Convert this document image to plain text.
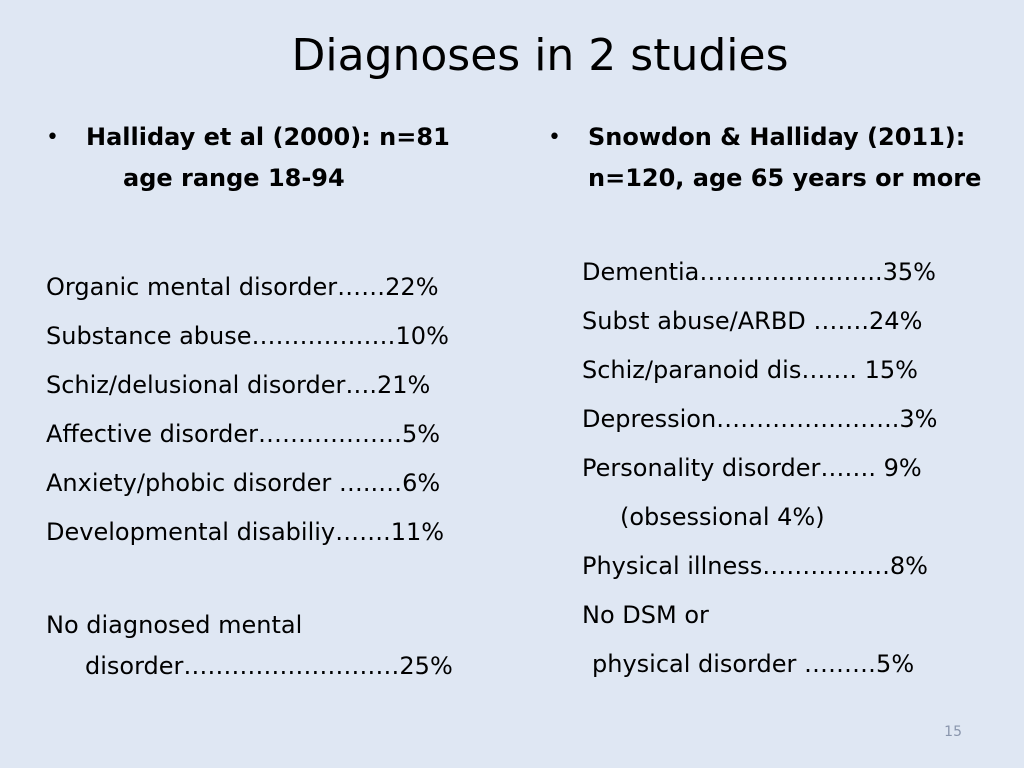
Diagnoses in 2 studies
• Halliday et al (2000): n=81
age range 18-94
Organic mental disorder……22%
Substance abuse………………10%
Schiz/delusional disorder….21%
Affective disorder………………5%
Anxiety/phobic disorder …..…6%
Developmental disabiliy…….11%
No diagnosed mental
disorder………………………25%
• Snowdon & Halliday (2011):
n=120, age 65 years or more
Dementia…………………..35%
Subst abuse/ARBD …….24%
Schiz/paranoid dis……. 15%
Depression…………………..3%
Personality disorder……. 9%
(obsessional 4%)
Physical illness…………….8%
No DSM or
physical disorder ………5%
15
